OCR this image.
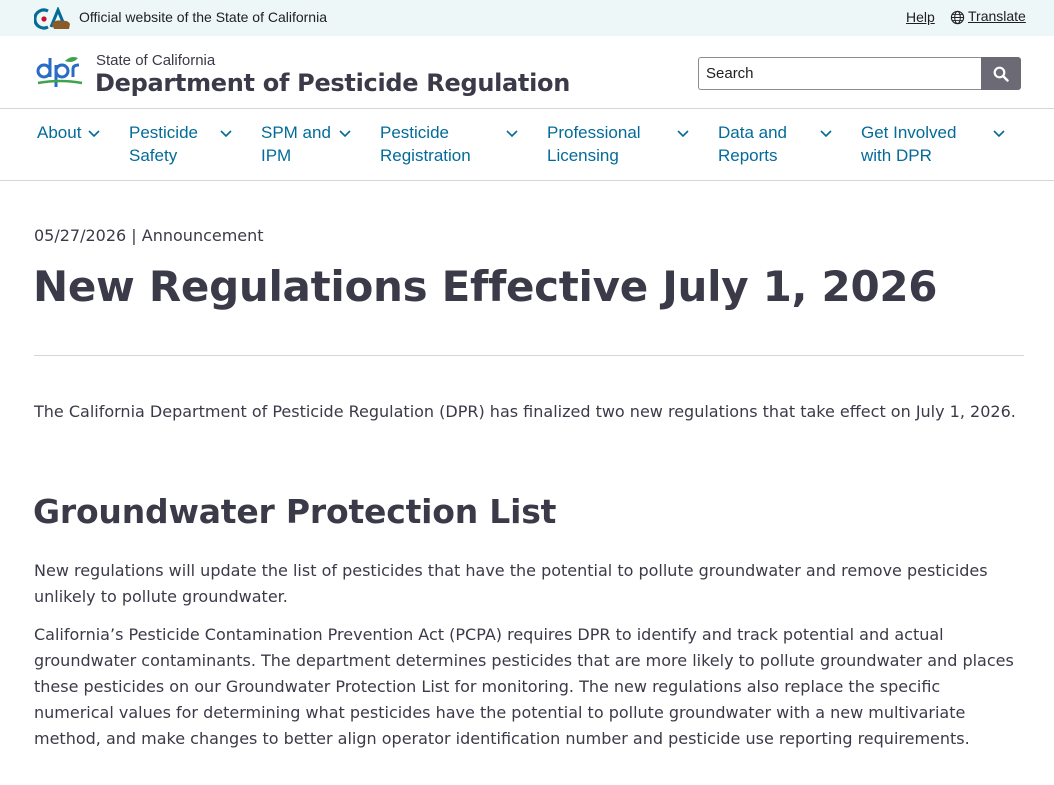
Official website of the State of California	Help Translate
State of California
Department of Pesticide Regulation
Search
About	Pesticide
Safety
SPM and
IPM
Pesticide
Registration
Professional
Licensing
Data and
Reports
Get Involved
with DPR
05/27/2026 | Announcement
New Regulations Effective July 1, 2026

The California Department of Pesticide Regulation (DPR) has finalized two new regulations that take effect on July 1, 2026.

Groundwater Protection List

New regulations will update the list of pesticides that have the potential to pollute groundwater and remove pesticides unlikely to pollute groundwater.

California’s Pesticide Contamination Prevention Act (PCPA) requires DPR to identify and track potential and actual groundwater contaminants. The department determines pesticides that are more likely to pollute groundwater and places these pesticides on our Groundwater Protection List for monitoring. The new regulations also replace the specific numerical values for determining what pesticides have the potential to pollute groundwater with a new multivariate method, and make changes to better align operator identification number and pesticide use reporting requirements.
